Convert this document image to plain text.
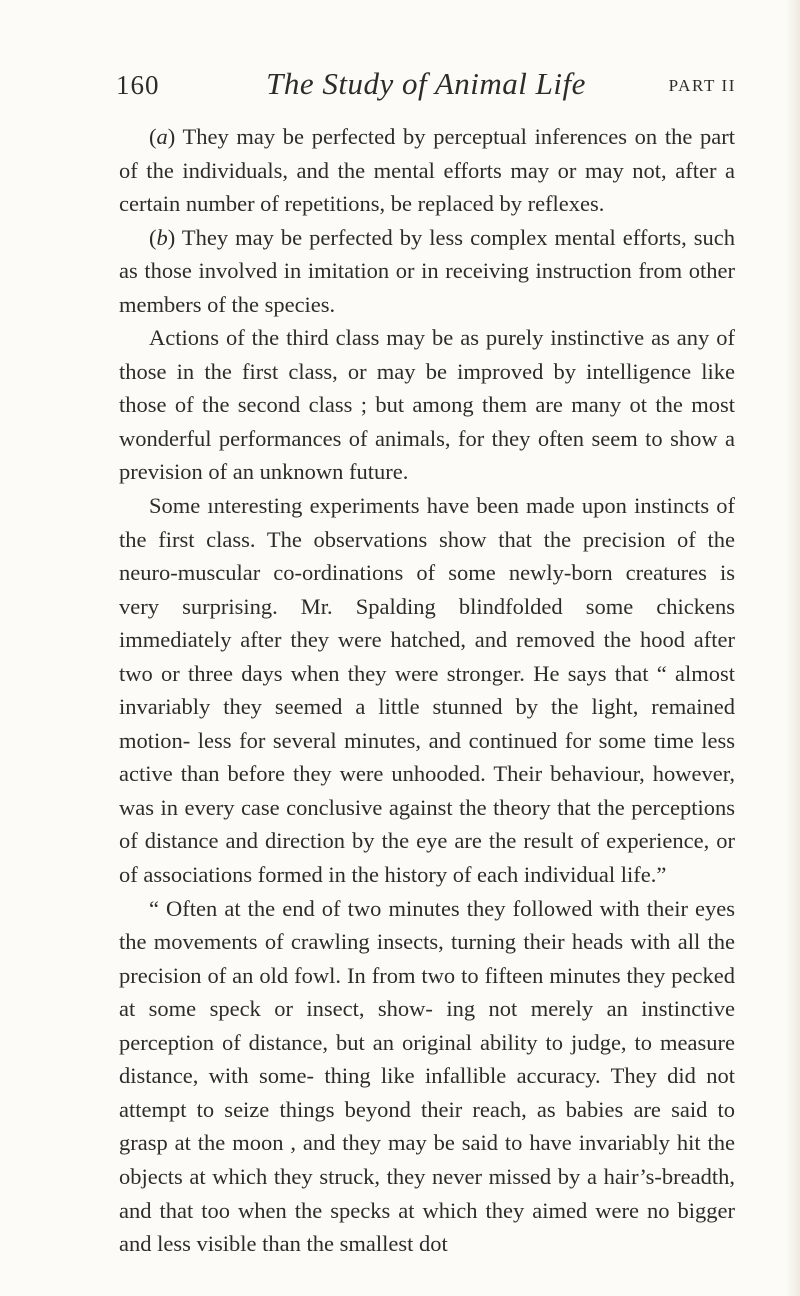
160	The Study of Animal Life	PART II

(a) They may be perfected by perceptual inferences on the part of the individuals, and the mental efforts may or may not, after a certain number of repetitions, be replaced by reflexes.

(b) They may be perfected by less complex mental efforts, such as those involved in imitation or in receiving instruction from other members of the species.

Actions of the third class may be as purely instinctive as any of those in the first class, or may be improved by intelligence like those of the second class ; but among them are many ot the most wonderful performances of animals, for they often seem to show a prevision of an unknown future.

Some ınteresting experiments have been made upon instincts of the first class. The observations show that the precision of the neuro-muscular co-ordinations of some newly-born creatures is very surprising. Mr. Spalding blindfolded some chickens immediately after they were hatched, and removed the hood after two or three days when they were stronger. He says that “ almost invariably they seemed a little stunned by the light, remained motion- less for several minutes, and continued for some time less active than before they were unhooded. Their behaviour, however, was in every case conclusive against the theory that the perceptions of distance and direction by the eye are the result of experience, or of associations formed in the history of each individual life.”

“ Often at the end of two minutes they followed with their eyes the movements of crawling insects, turning their heads with all the precision of an old fowl. In from two to fifteen minutes they pecked at some speck or insect, show- ing not merely an instinctive perception of distance, but an original ability to judge, to measure distance, with some- thing like infallible accuracy. They did not attempt to seize things beyond their reach, as babies are said to grasp at the moon , and they may be said to have invariably hit the objects at which they struck, they never missed by a hair’s-breadth, and that too when the specks at which they aimed were no bigger and less visible than the smallest dot
